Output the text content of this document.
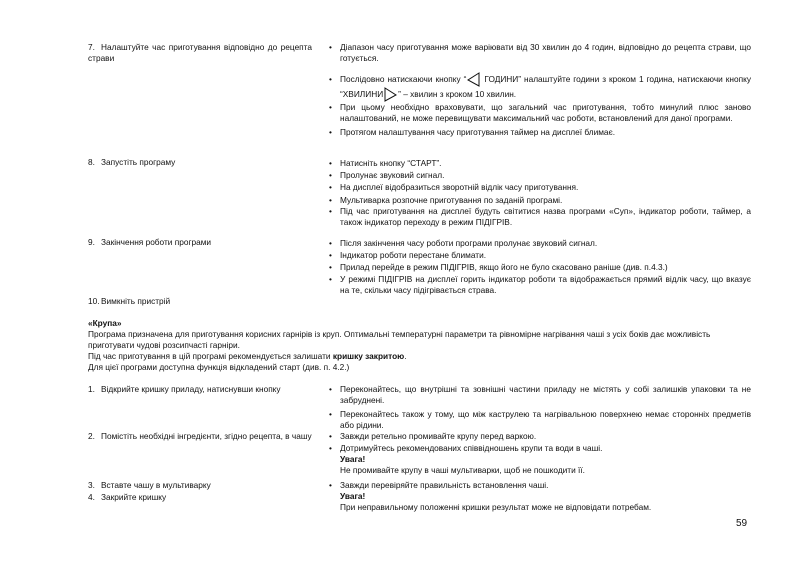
7. Налаштуйте час приготування відповідно до рецепта страви
• Діапазон часу приготування може варіювати від 30 хвилин до 4 годин, відповідно до рецепта страви, що готується.
• Послідовно натискаючи кнопку “ ГОДИНИ” налаштуйте години з кроком 1 година, натискаючи кнопку “ХВИЛИНИ ” – хвилин з кроком 10 хвилин.
• При цьому необхідно враховувати, що загальний час приготування, тобто минулий плюс заново налаштований, не може перевищувати максимальний час роботи, встановлений для даної програми.
• Протягом налаштування часу приготування таймер на дисплеї блимає.
8. Запустіть програму	• Натисніть кнопку “СТАРТ”.
• Пролунає звуковий сигнал.
• На дисплеї відобразиться зворотній відлік часу приготування.
• Мультиварка розпочне приготування по заданій програмі.
• Під час приготування на дисплеї будуть світитися назва програми «Суп», індикатор роботи, таймер, а також індикатор переходу в режим ПІДІГРІВ.
9. Закінчення роботи програми	• Після закінчення часу роботи програми пролунає звуковий сигнал.
• Індикатор роботи перестане блимати.
• Прилад перейде в режим ПІДІГРІВ, якщо його не було скасовано раніше (див. п.4.3.)
• У режимі ПІДІГРІВ на дисплеї горить індикатор роботи та відображається прямий відлік часу, що вказує на те, скільки часу підігрівається страва.
10.Вимкніть пристрій
«Крупа»
Програма призначена для приготування корисних гарнірів із круп. Оптимальні температурні параметри та рівномірне нагрівання чаші з усіх боків дає можливість приготувати чудові розсипчасті гарніри.
Під час приготування в цій програмі рекомендується залишати кришку закритою.
Для цієї програми доступна функція відкладений старт (див. п. 4.2.)
1. Відкрийте кришку приладу, натиснувши кнопку	• Переконайтесь, що внутрішні та зовнішні частини приладу не містять у собі залишків упаковки та не забруднені.
• Переконайтесь також у тому, що між каструлею та нагрівальною поверхнею немає сторонніх предметів або рідини.
2. Помістіть необхідні інгредієнти, згідно рецепта, в чашу	• Завжди ретельно промивайте крупу перед варкою.
• Дотримуйтесь рекомендованих співвідношень крупи та води в чаші.
Увага!
Не промивайте крупу в чаші мультиварки, щоб не пошкодити її.
3. Вставте чашу в мультиварку
4. Закрийте кришку
• Завжди перевіряйте правильність встановлення чаші.
Увага!
При неправильному положенні кришки результат може не відповідати потребам.
59
